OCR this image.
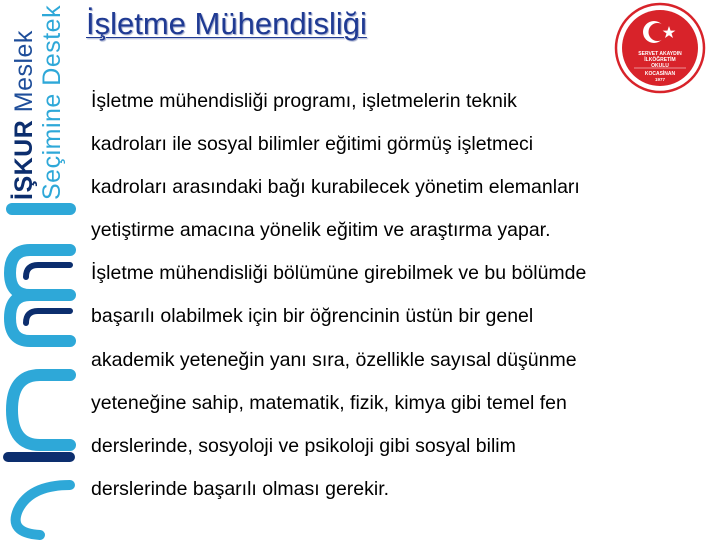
İŞKUR Meslek Seçimine Destek İşletme Mühendisliği
SERVET AKAYDIN
İLKÖĞRETİM
OKULU
KOCASİNAN
1977
İşletme mühendisliği programı, işletmelerin teknik
kadroları ile sosyal bilimler eğitimi görmüş işletmeci
kadroları arasındaki bağı kurabilecek yönetim elemanları
yetiştirme amacına yönelik eğitim ve araştırma yapar.
İşletme mühendisliği bölümüne girebilmek ve bu bölümde
başarılı olabilmek için bir öğrencinin üstün bir genel
akademik yeteneğin yanı sıra, özellikle sayısal düşünme
yeteneğine sahip, matematik, fizik, kimya gibi temel fen
derslerinde, sosyoloji ve psikoloji gibi sosyal bilim
derslerinde başarılı olması gerekir.
